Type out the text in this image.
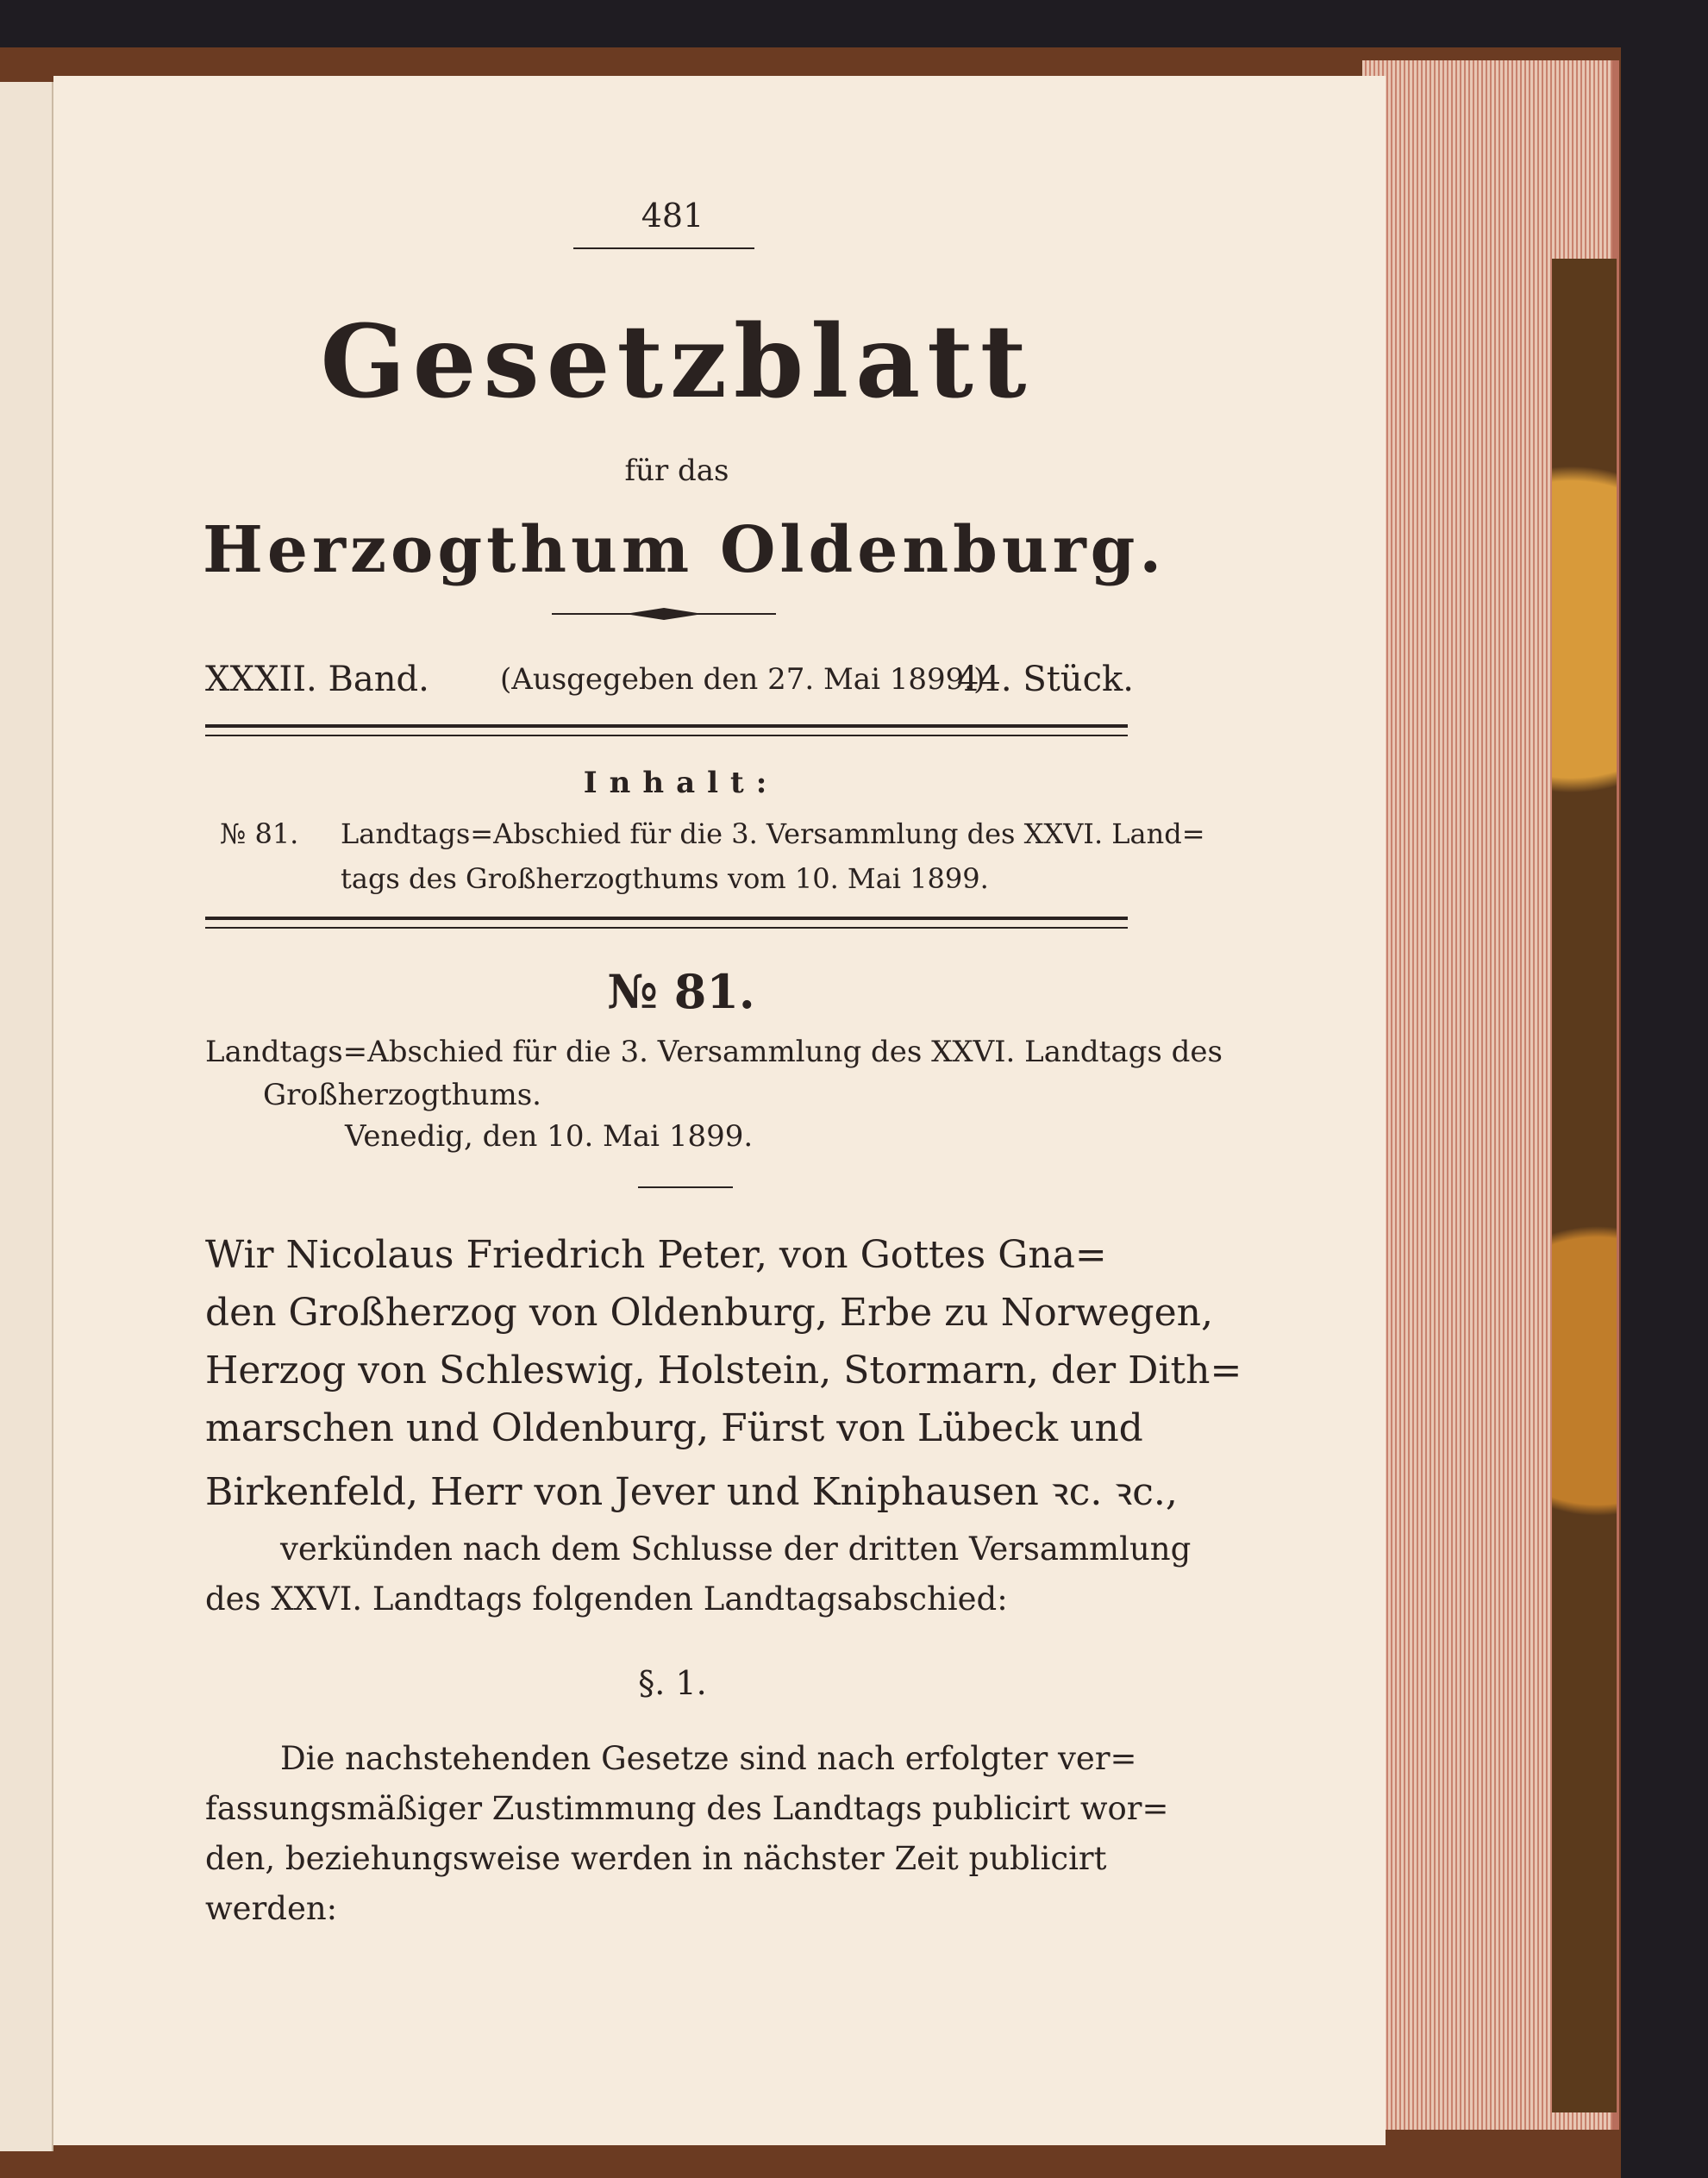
481
Gesetzblatt
für das
Herzogthum Oldenburg.
XXXII. Band. (Ausgegeben den 27. Mai 1899.)
44. Stück.
Inhalt:
№ 81. Landtags=Abschied für die 3. Versammlung des XXVI. Land=
tags des Großherzogthums vom 10. Mai 1899.
№ 81.
Landtags=Abschied für die 3. Versammlung des XXVI. Landtags des
Großherzogthums.
Venedig, den 10. Mai 1899.
Wir Nicolaus Friedrich Peter, von Gottes Gna=
den Großherzog von Oldenburg, Erbe zu Norwegen,
Herzog von Schleswig, Holstein, Stormarn, der Dith=
marschen und Oldenburg, Fürst von Lübeck und
Birkenfeld, Herr von Jever und Kniphausen ꝛc. ꝛc.,
verkünden nach dem Schlusse der dritten Versammlung
des XXVI. Landtags folgenden Landtagsabschied:
§. 1.
Die nachstehenden Gesetze sind nach erfolgter ver=
fassungsmäßiger Zustimmung des Landtags publicirt wor=
den, beziehungsweise werden in nächster Zeit publicirt
werden:
